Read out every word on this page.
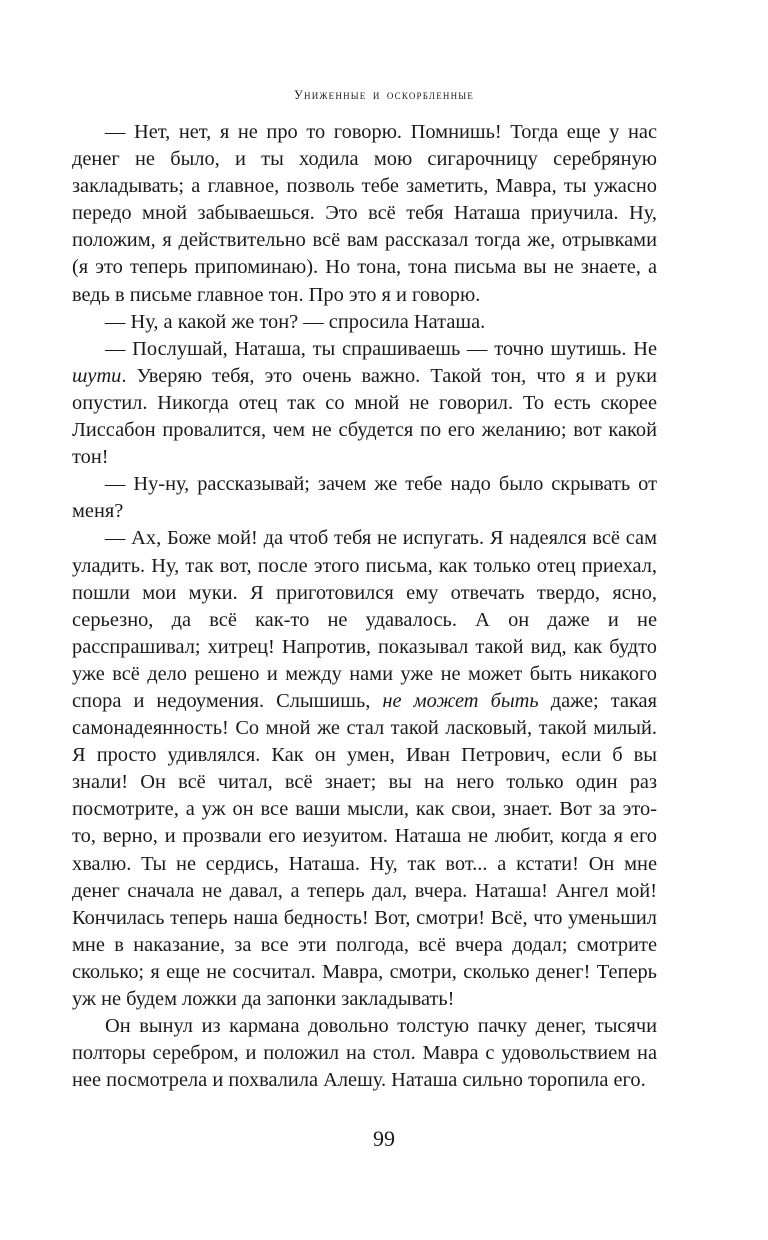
Униженные и оскорбленные

— Нет, нет, я не про то говорю. Помнишь! Тогда еще у нас денег не было, и ты ходила мою сигарочницу серебряную закладывать; а главное, позволь тебе заметить, Мавра, ты ужасно передо мной забываешься. Это всё тебя Наташа приучила. Ну, положим, я действительно всё вам рассказал тогда же, отрывками (я это теперь припоминаю). Но тона, тона письма вы не знаете, а ведь в письме главное тон. Про это я и говорю.

— Ну, а какой же тон? — спросила Наташа.

— Послушай, Наташа, ты спрашиваешь — точно шутишь. Не шути. Уверяю тебя, это очень важно. Такой тон, что я и руки опустил. Никогда отец так со мной не говорил. То есть скорее Лиссабон провалится, чем не сбудется по его желанию; вот какой тон!

— Ну-ну, рассказывай; зачем же тебе надо было скрывать от меня?

— Ах, Боже мой! да чтоб тебя не испугать. Я надеялся всё сам уладить. Ну, так вот, после этого письма, как только отец приехал, пошли мои муки. Я приготовился ему отвечать твердо, ясно, серьезно, да всё как-то не удавалось. А он даже и не расспрашивал; хитрец! Напротив, показывал такой вид, как будто уже всё дело решено и между нами уже не может быть никакого спора и недоумения. Слышишь, не может быть даже; такая самонадеянность! Со мной же стал такой ласковый, такой милый. Я просто удивлялся. Как он умен, Иван Петрович, если б вы знали! Он всё читал, всё знает; вы на него только один раз посмотрите, а уж он все ваши мысли, как свои, знает. Вот за это-то, верно, и прозвали его иезуитом. Наташа не любит, когда я его хвалю. Ты не сердись, Наташа. Ну, так вот... а кстати! Он мне денег сначала не давал, а теперь дал, вчера. Наташа! Ангел мой! Кончилась теперь наша бедность! Вот, смотри! Всё, что уменьшил мне в наказание, за все эти полгода, всё вчера додал; смотрите сколько; я еще не сосчитал. Мавра, смотри, сколько денег! Теперь уж не будем ложки да запонки закладывать!

Он вынул из кармана довольно толстую пачку денег, тысячи полторы серебром, и положил на стол. Мавра с удовольствием на нее посмотрела и похвалила Алешу. Наташа сильно торопила его.

99
